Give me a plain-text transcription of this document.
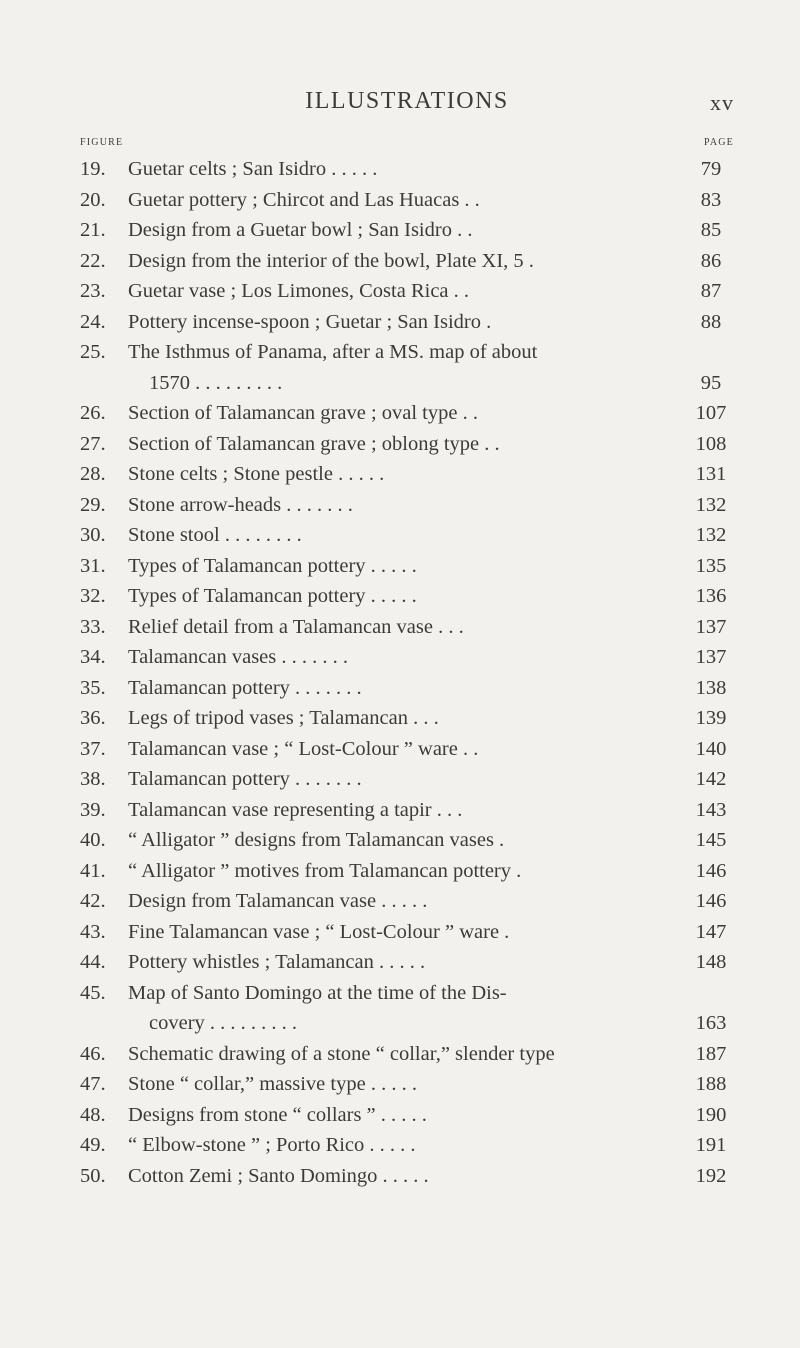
ILLUSTRATIONS	xv
FIGURE	PAGE
19. Guetar celts ; San Isidro . . . . .	79
20. Guetar pottery ; Chircot and Las Huacas . .	83
21. Design from a Guetar bowl ; San Isidro . .	85
22. Design from the interior of the bowl, Plate XI, 5 .	86
23. Guetar vase ; Los Limones, Costa Rica . .	87
24. Pottery incense-spoon ; Guetar ; San Isidro .	88
25. The Isthmus of Panama, after a MS. map of about
1570 . . . . . . . . .	95
26. Section of Talamancan grave ; oval type . .	107
27. Section of Talamancan grave ; oblong type . .	108
28. Stone celts ; Stone pestle . . . . .	131
29. Stone arrow-heads . . . . . . .	132
30. Stone stool . . . . . . . .	132
31. Types of Talamancan pottery . . . . .	135
32. Types of Talamancan pottery . . . . .	136
33. Relief detail from a Talamancan vase . . .	137
34. Talamancan vases . . . . . . .	137
35. Talamancan pottery . . . . . . .	138
36. Legs of tripod vases ; Talamancan . . .	139
37. Talamancan vase ; “ Lost-Colour ” ware . .	140
38. Talamancan pottery . . . . . . .	142
39. Talamancan vase representing a tapir . . .	143
40. “ Alligator ” designs from Talamancan vases .	145
41. “ Alligator ” motives from Talamancan pottery .	146
42. Design from Talamancan vase . . . . .	146
43. Fine Talamancan vase ; “ Lost-Colour ” ware .	147
44. Pottery whistles ; Talamancan . . . . .	148
45. Map of Santo Domingo at the time of the Dis-
covery . . . . . . . . .	163
46. Schematic drawing of a stone “ collar,” slender type	187
47. Stone “ collar,” massive type . . . . .	188
48. Designs from stone “ collars ” . . . . .	190
49. “ Elbow-stone ” ; Porto Rico . . . . .	191
50. Cotton Zemi ; Santo Domingo . . . . .	192
